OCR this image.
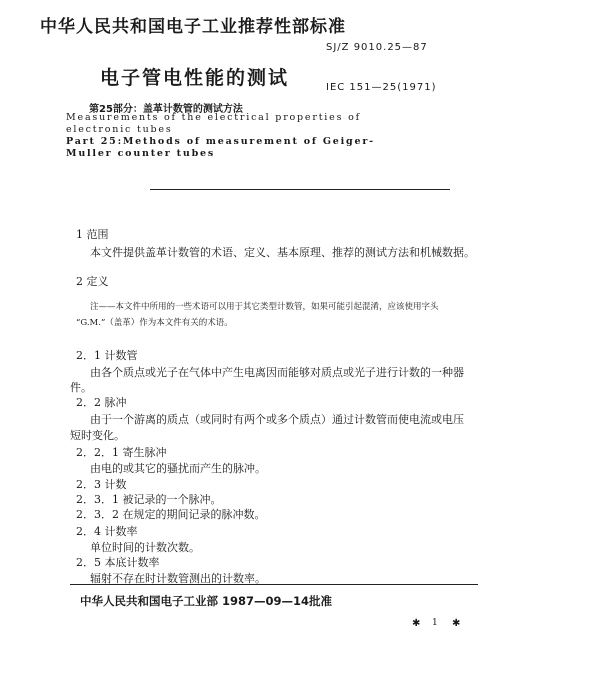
中华人民共和国电子工业推荐性部标准
SJ/Z 9010.25—87
电子管电性能的测试	IEC 151—25(1971)
第25部分：盖革计数管的测试方法
Measurements of the electrical properties of
electronic tubes
Part 25:Methods of measurement of Geiger-
Muller counter tubes
1 范围
本文件提供盖革计数管的术语、定义、基本原理、推荐的测试方法和机械数据。
2 定义
注——本文件中所用的一些术语可以用于其它类型计数管，如果可能引起混淆，应该使用字头
“G.M.”（盖革）作为本文件有关的术语。
2．1 计数管
由各个质点或光子在气体中产生电离因而能够对质点或光子进行计数的一种器
件。
2．2 脉冲
由于一个游离的质点（或同时有两个或多个质点）通过计数管而使电流或电压
短时变化。
2．2．1 寄生脉冲
由电的或其它的骚扰而产生的脉冲。
2．3 计数
2．3．1 被记录的一个脉冲。
2．3．2 在规定的期间记录的脉冲数。
2．4 计数率
单位时间的计数次数。
2．5 本底计数率
辐射不存在时计数管测出的计数率。
中华人民共和国电子工业部 1987—09—14批准
✱ 1 ✱
